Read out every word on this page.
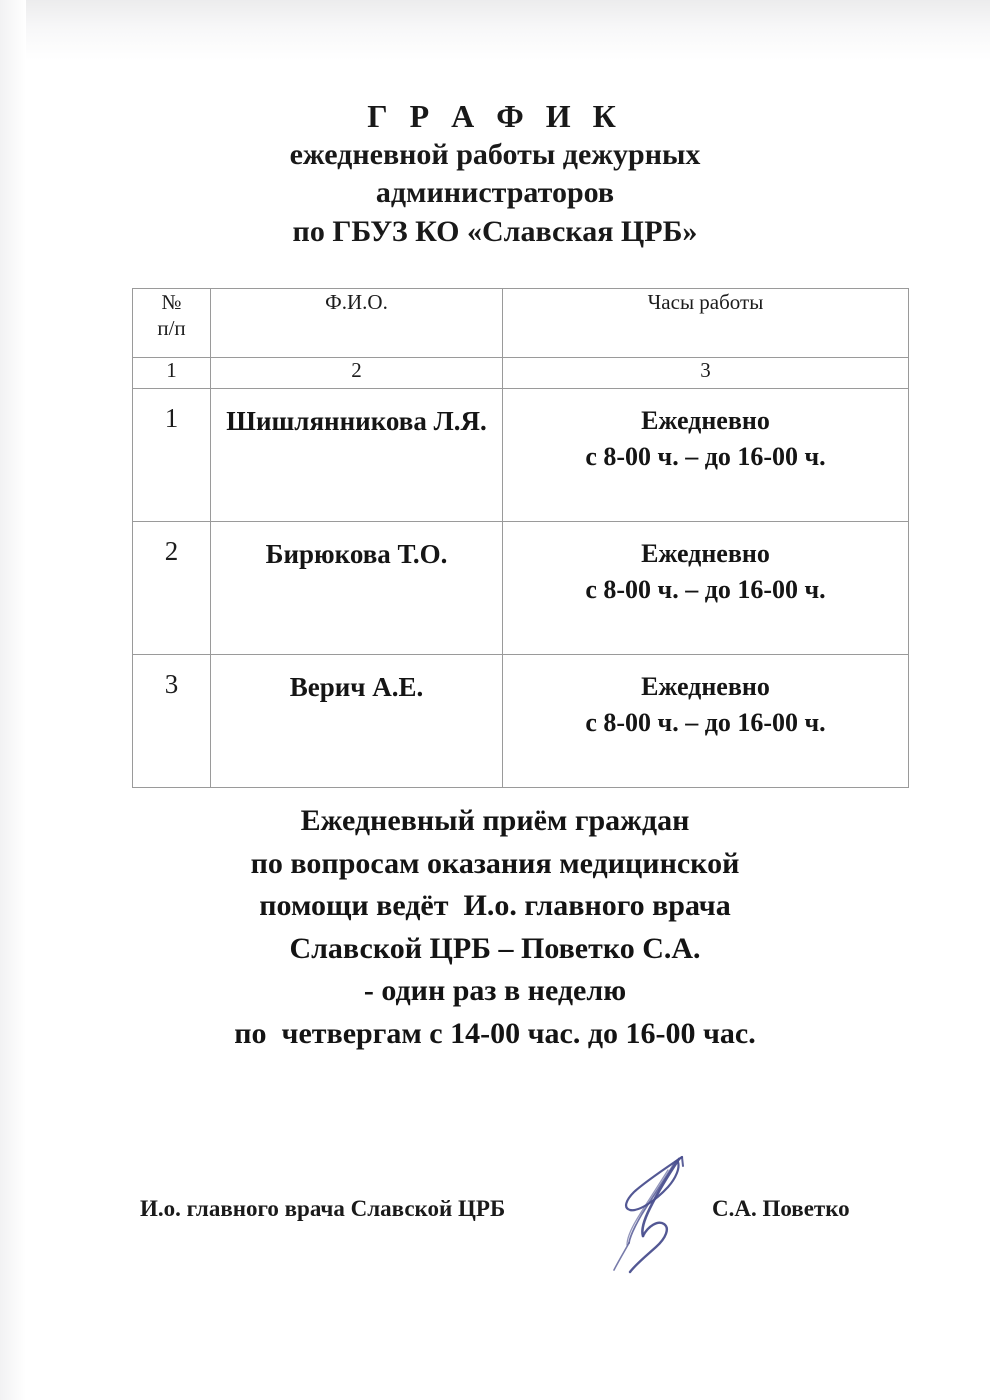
Г Р А Ф И К
ежедневной работы дежурных
администраторов
по ГБУЗ КО «Славская ЦРБ»
№
п/п	Ф.И.О.	Часы работы
1	2	3
1	Шишлянникова Л.Я.	Ежедневно
с 8-00 ч. – до 16-00 ч.

2	Бирюкова Т.О.	Ежедневно
с 8-00 ч. – до 16-00 ч.

3	Верич А.Е.	Ежедневно
с 8-00 ч. – до 16-00 ч.
Ежедневный приём граждан
по вопросам оказания медицинской
помощи ведёт  И.о. главного врача
Славской ЦРБ – Поветко С.А.
- один раз в неделю
по  четвергам с 14-00 час. до 16-00 час.
И.о. главного врача Славской ЦРБ	С.А. Поветко
